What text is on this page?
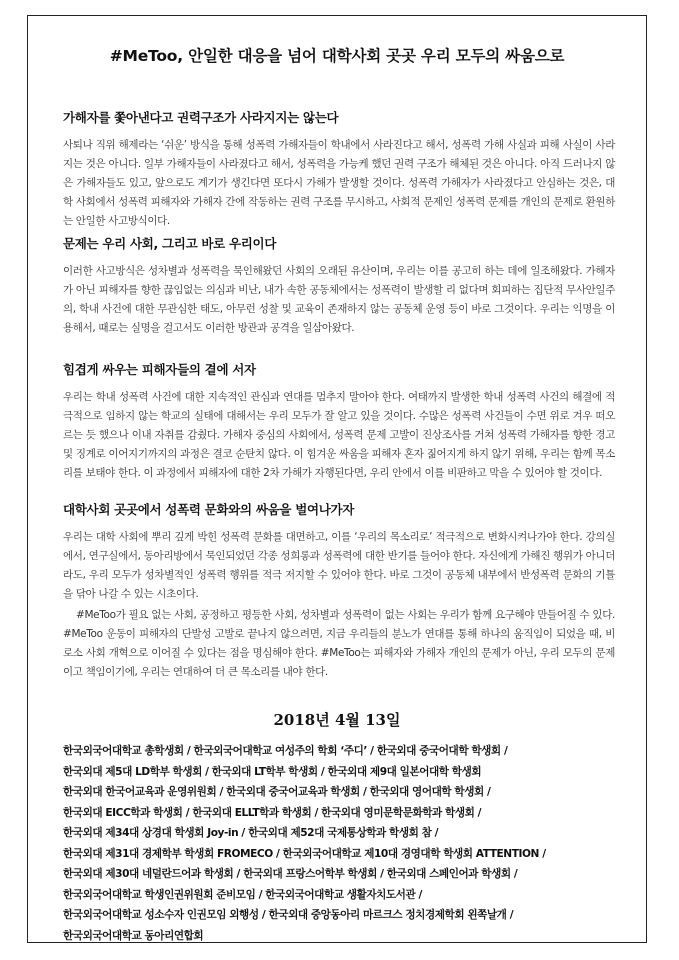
#MeToo, 안일한 대응을 넘어 대학사회 곳곳 우리 모두의 싸움으로

가해자를 쫓아낸다고 권력구조가 사라지지는 않는다

사퇴나 직위 해제라는 ‘쉬운’ 방식을 통해 성폭력 가해자들이 학내에서 사라진다고 해서, 성폭력 가해 사실과 피해 사실이 사라지는 것은 아니다. 일부 가해자들이 사라졌다고 해서, 성폭력을 가능케 했던 권력 구조가 해체된 것은 아니다. 아직 드러나지 않은 가해자들도 있고, 앞으로도 계기가 생긴다면 또다시 가해가 발생할 것이다. 성폭력 가해자가 사라졌다고 안심하는 것은, 대학 사회에서 성폭력 피해자와 가해자 간에 작동하는 권력 구조를 무시하고, 사회적 문제인 성폭력 문제를 개인의 문제로 환원하는 안일한 사고방식이다.

문제는 우리 사회, 그리고 바로 우리이다

이러한 사고방식은 성차별과 성폭력을 묵인해왔던 사회의 오래된 유산이며, 우리는 이를 공고히 하는 데에 일조해왔다. 가해자가 아닌 피해자를 향한 끊임없는 의심과 비난, 내가 속한 공동체에서는 성폭력이 발생할 리 없다며 회피하는 집단적 무사안일주의, 학내 사건에 대한 무관심한 태도, 아무런 성찰 및 교육이 존재하지 않는 공동체 운영 등이 바로 그것이다. 우리는 익명을 이용해서, 때로는 실명을 걸고서도 이러한 방관과 공격을 일삼아왔다.

힘겹게 싸우는 피해자들의 곁에 서자

우리는 학내 성폭력 사건에 대한 지속적인 관심과 연대를 멈추지 말아야 한다. 여태까지 발생한 학내 성폭력 사건의 해결에 적극적으로 임하지 않는 학교의 실태에 대해서는 우리 모두가 잘 알고 있을 것이다. 수많은 성폭력 사건들이 수면 위로 겨우 떠오르는 듯 했으나 이내 자취를 감췄다. 가해자 중심의 사회에서, 성폭력 문제 고발이 진상조사를 거쳐 성폭력 가해자를 향한 경고 및 징계로 이어지기까지의 과정은 결코 순탄치 않다. 이 힘겨운 싸움을 피해자 혼자 짊어지게 하지 않기 위해, 우리는 함께 목소리를 보태야 한다. 이 과정에서 피해자에 대한 2차 가해가 자행된다면, 우리 안에서 이를 비판하고 막을 수 있어야 할 것이다.

대학사회 곳곳에서 성폭력 문화와의 싸움을 벌여나가자

우리는 대학 사회에 뿌리 깊게 박힌 성폭력 문화를 대면하고, 이를 ‘우리의 목소리로’ 적극적으로 변화시켜나가야 한다. 강의실에서, 연구실에서, 동아리방에서 묵인되었던 각종 성희롱과 성폭력에 대한 반기를 들어야 한다. 자신에게 가해진 행위가 아니더라도, 우리 모두가 성차별적인 성폭력 행위를 적극 저지할 수 있어야 한다. 바로 그것이 공동체 내부에서 반성폭력 문화의 기틀을 닦아 나갈 수 있는 시초이다.

#MeToo가 필요 없는 사회, 공정하고 평등한 사회, 성차별과 성폭력이 없는 사회는 우리가 함께 요구해야 만들어질 수 있다. #MeToo 운동이 피해자의 단발성 고발로 끝나지 않으려면, 지금 우리들의 분노가 연대를 통해 하나의 움직임이 되었을 때, 비로소 사회 개혁으로 이어질 수 있다는 점을 명심해야 한다. #MeToo는 피해자와 가해자 개인의 문제가 아닌, 우리 모두의 문제이고 책임이기에, 우리는 연대하여 더 큰 목소리를 내야 한다.

2018년 4월 13일
한국외국어대학교 총학생회 / 한국외국어대학교 여성주의 학회 ‘주디’ / 한국외대 중국어대학 학생회 /
한국외대 제5대 LD학부 학생회 / 한국외대 LT학부 학생회 / 한국외대 제9대 일본어대학 학생회
한국외대 한국어교육과 운영위원회 / 한국외대 중국어교육과 학생회 / 한국외대 영어대학 학생회 /
한국외대 EICC학과 학생회 / 한국외대 ELLT학과 학생회 / 한국외대 영미문학문화학과 학생회 /
한국외대 제34대 상경대 학생회 Joy-in / 한국외대 제52대 국제통상학과 학생회 참 /
한국외대 제31대 경제학부 학생회 FROMECO / 한국외국어대학교 제10대 경영대학 학생회 ATTENTION /
한국외대 제30대 네덜란드어과 학생회 / 한국외대 프랑스어학부 학생회 / 한국외대 스페인어과 학생회 /
한국외국어대학교 학생인권위원회 준비모임 / 한국외국어대학교 생활자치도서관 /
한국외국어대학교 성소수자 인권모임 외행성 / 한국외대 중앙동아리 마르크스 정치경제학회 왼쪽날개 /
한국외국어대학교 동아리연합회
